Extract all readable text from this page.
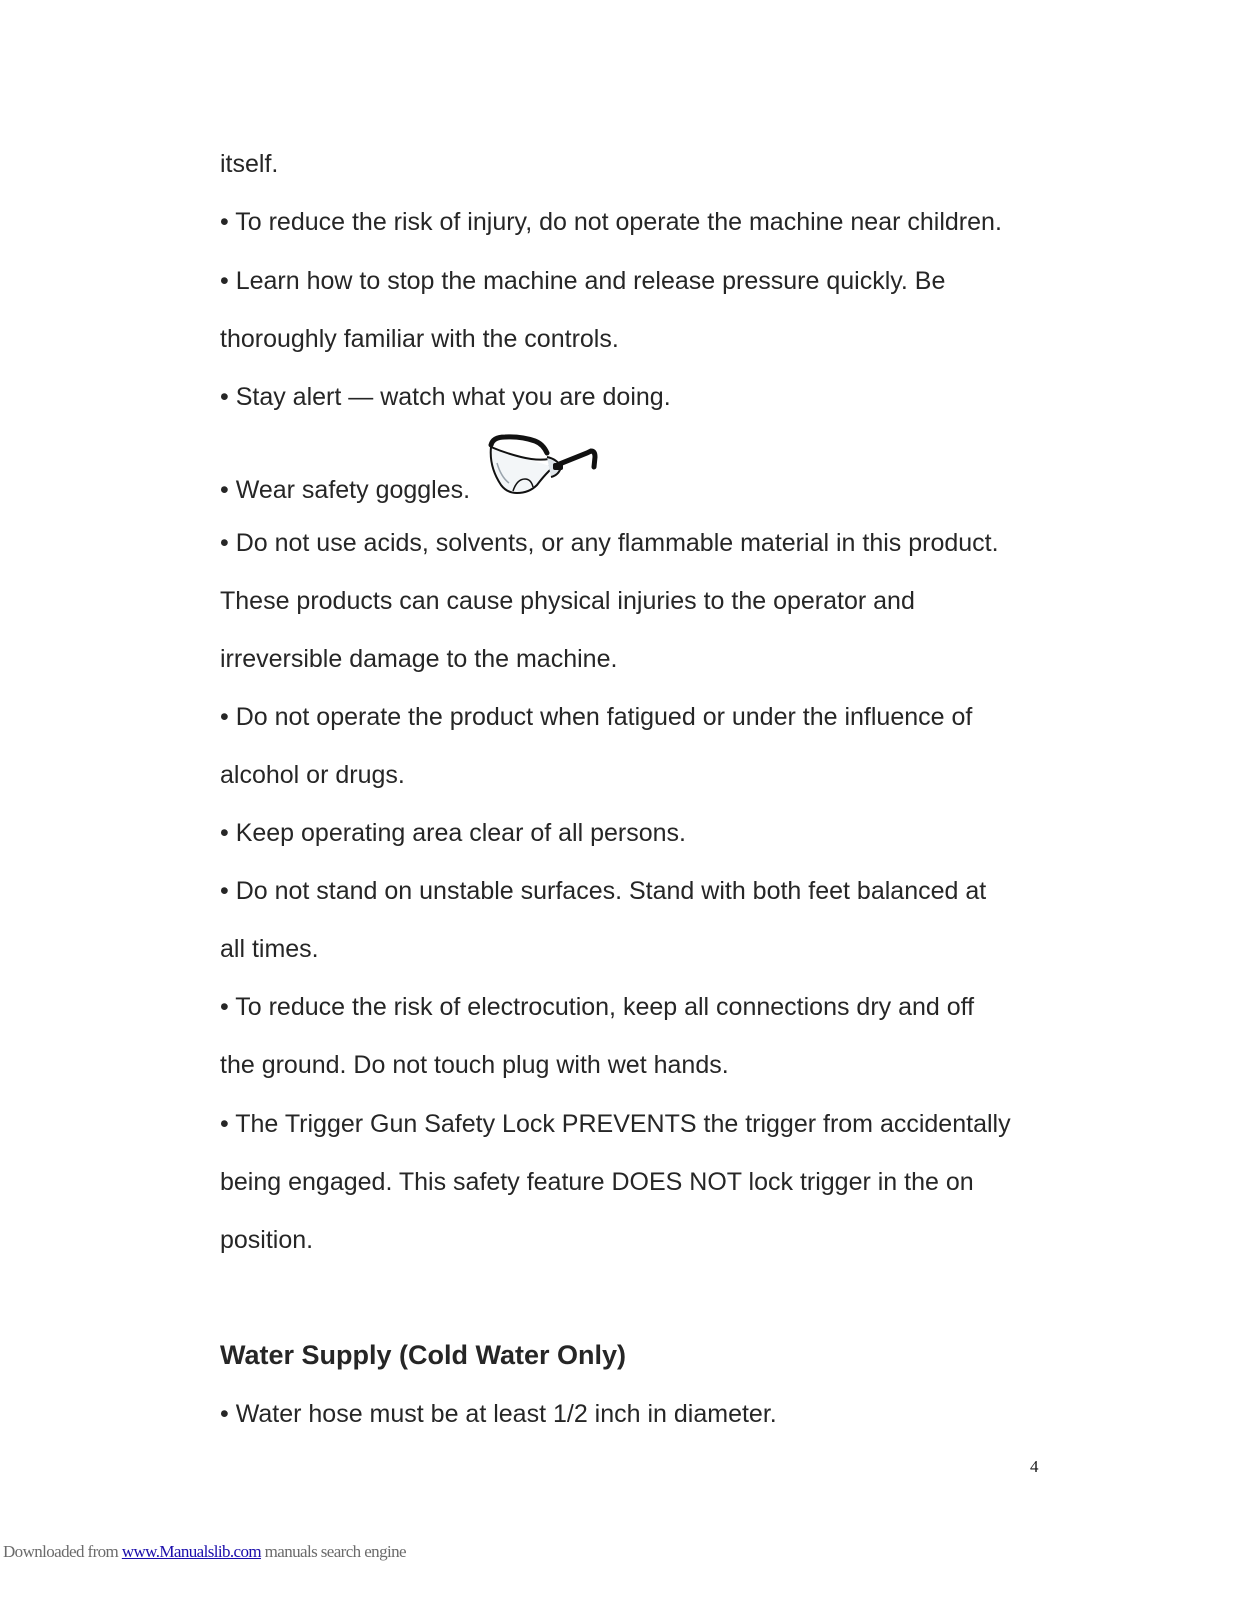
itself.
• To reduce the risk of injury, do not operate the machine near children.
• Learn how to stop the machine and release pressure quickly. Be
thoroughly familiar with the controls.
• Stay alert — watch what you are doing.
• Wear safety goggles.
• Do not use acids, solvents, or any flammable material in this product.
These products can cause physical injuries to the operator and
irreversible damage to the machine.
• Do not operate the product when fatigued or under the influence of
alcohol or drugs.
• Keep operating area clear of all persons.
• Do not stand on unstable surfaces. Stand with both feet balanced at
all times.
• To reduce the risk of electrocution, keep all connections dry and off
the ground. Do not touch plug with wet hands.
• The Trigger Gun Safety Lock PREVENTS the trigger from accidentally
being engaged. This safety feature DOES NOT lock trigger in the on
position.
Water Supply (Cold Water Only)
• Water hose must be at least 1/2 inch in diameter.
4
Downloaded from www.Manualslib.com manuals search engine
